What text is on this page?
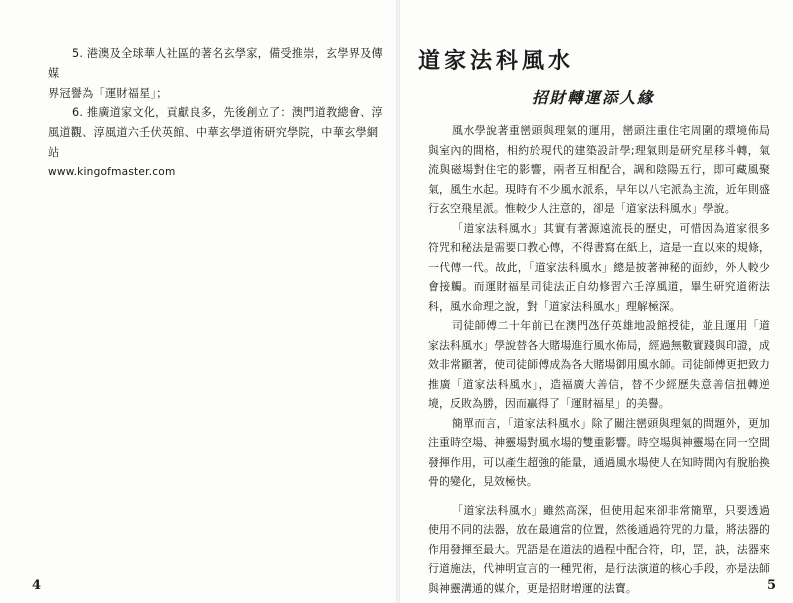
5. 港澳及全球華人社區的著名玄學家，備受推崇，玄學界及傳媒

界冠譽為「運財福星」；

6. 推廣道家文化，貢獻良多，先後創立了：澳門道教總會、淳

風道觀、淳風道六壬伏英館、中華玄學道術研究學院，中華玄學網站

www.kingofmaster.com

4
道家法科風水
招財轉運添人緣

風水學說著重巒頭與理氣的運用，巒頭注重住宅周圍的環境佈局與室內的間格，相約於現代的建築設計學;理氣則是研究星移斗轉，氣流與磁場對住宅的影響，兩者互相配合，調和陰陽五行，即可藏風聚氣，風生水起。現時有不少風水派系，早年以八宅派為主流，近年則盛行玄空飛星派。惟較少人注意的，卻是「道家法科風水」學說。

「道家法科風水」其實有著源遠流長的歷史，可惜因為道家很多符咒和秘法是需要口教心傳，不得書寫在紙上，這是一直以來的規條，一代傳一代。故此，「道家法科風水」總是披著神秘的面紗，外人較少會接觸。而運財福星司徒法正自幼修習六壬淳風道，畢生研究道術法科，風水命理之說，對「道家法科風水」理解極深。

司徒師傅二十年前已在澳門氹仔英雄地設館授徒，並且運用「道家法科風水」學說替各大賭場進行風水佈局，經過無數實踐與印證，成效非常顯著，使司徒師傅成為各大賭場御用風水師。司徒師傅更把致力推廣「道家法科風水」，造福廣大善信，替不少經歷失意善信扭轉逆境，反敗為勝，因而贏得了「運財福星」的美譽。

簡單而言，「道家法科風水」除了關注巒頭與理氣的問題外，更加注重時空場、神靈場對風水場的雙重影響。時空場與神靈場在同一空間發揮作用，可以產生超強的能量，通過風水場使人在知時間內有脫胎換骨的變化，見效極快。

「道家法科風水」雖然高深，但使用起來卻非常簡單，只要透過使用不同的法器，放在最適當的位置，然後通過符咒的力量，將法器的作用發揮至最大。咒語是在道法的過程中配合符，印，罡，訣，法器來行道施法，代神明宣言的一種咒術，是行法演道的核心手段，亦是法師與神靈溝通的媒介，更是招財增運的法寶。	5
